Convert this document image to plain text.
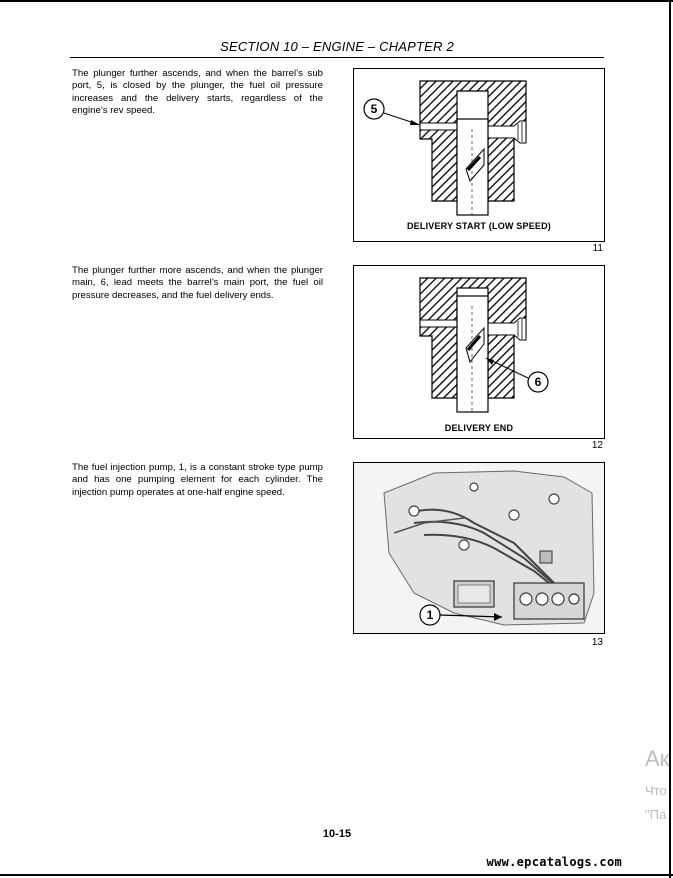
SECTION 10 – ENGINE – CHAPTER 2
The plunger further ascends, and when the barrel’s sub port, 5, is closed by the plunger, the fuel oil pressure increases and the delivery starts, regardless of the engine’s rev speed.	5
DELIVERY START (LOW SPEED)
11
The plunger further more ascends, and when the plunger main, 6, lead meets the barrel’s main port, the fuel oil pressure decreases, and the fuel delivery ends.
6
DELIVERY END
12
The fuel injection pump, 1, is a constant stroke type pump and has one pumping element for each cylinder. The injection pump operates at one-half engine speed.
1
13
10-15
www.epcatalogs.com
Ак
Что
"Па
